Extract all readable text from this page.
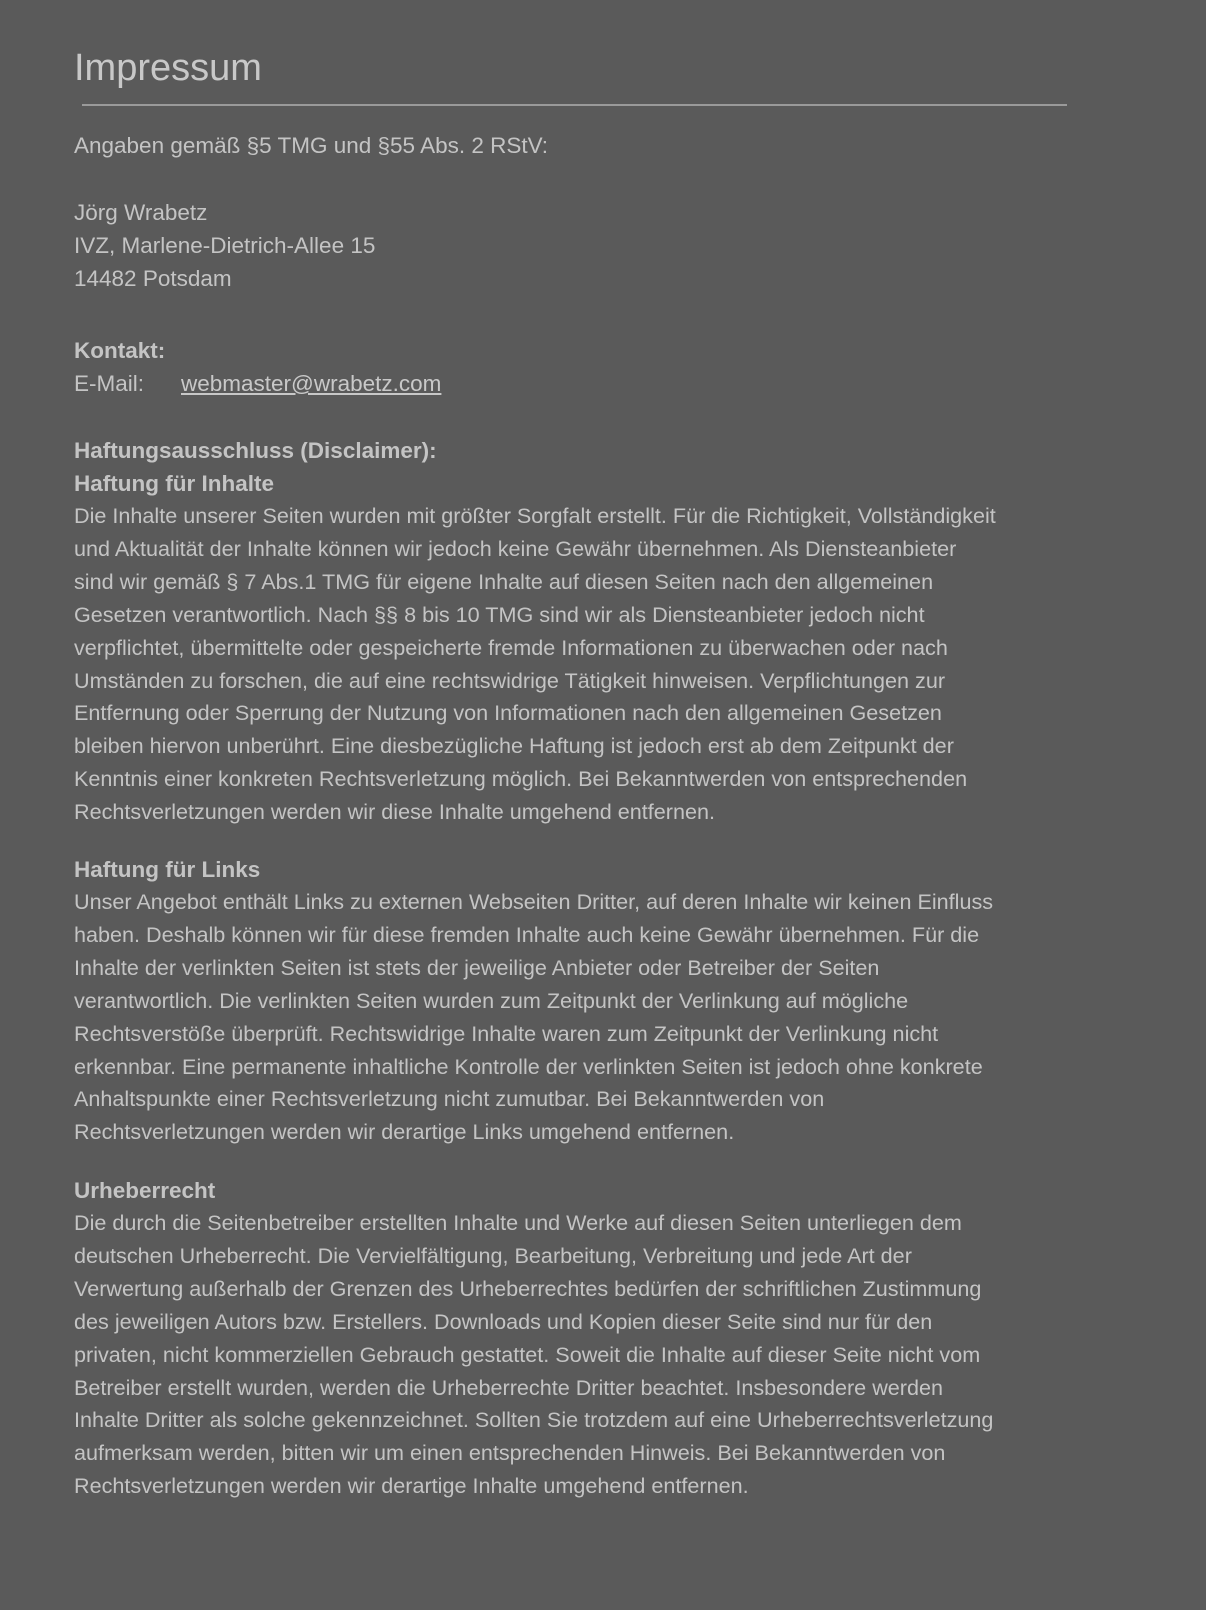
Impressum

Angaben gemäß §5 TMG und §55 Abs. 2 RStV:

Jörg Wrabetz

IVZ, Marlene-Dietrich-Allee 15

14482 Potsdam

Kontakt:

E-Mail: webmaster@wrabetz.com

Haftungsausschluss (Disclaimer):

Haftung für Inhalte

Die Inhalte unserer Seiten wurden mit größter Sorgfalt erstellt. Für die Richtigkeit, Vollständigkeit

und Aktualität der Inhalte können wir jedoch keine Gewähr übernehmen. Als Diensteanbieter

sind wir gemäß § 7 Abs.1 TMG für eigene Inhalte auf diesen Seiten nach den allgemeinen

Gesetzen verantwortlich. Nach §§ 8 bis 10 TMG sind wir als Diensteanbieter jedoch nicht

verpflichtet, übermittelte oder gespeicherte fremde Informationen zu überwachen oder nach

Umständen zu forschen, die auf eine rechtswidrige Tätigkeit hinweisen. Verpflichtungen zur

Entfernung oder Sperrung der Nutzung von Informationen nach den allgemeinen Gesetzen

bleiben hiervon unberührt. Eine diesbezügliche Haftung ist jedoch erst ab dem Zeitpunkt der

Kenntnis einer konkreten Rechtsverletzung möglich. Bei Bekanntwerden von entsprechenden

Rechtsverletzungen werden wir diese Inhalte umgehend entfernen.

Haftung für Links

Unser Angebot enthält Links zu externen Webseiten Dritter, auf deren Inhalte wir keinen Einfluss

haben. Deshalb können wir für diese fremden Inhalte auch keine Gewähr übernehmen. Für die

Inhalte der verlinkten Seiten ist stets der jeweilige Anbieter oder Betreiber der Seiten

verantwortlich. Die verlinkten Seiten wurden zum Zeitpunkt der Verlinkung auf mögliche

Rechtsverstöße überprüft. Rechtswidrige Inhalte waren zum Zeitpunkt der Verlinkung nicht

erkennbar. Eine permanente inhaltliche Kontrolle der verlinkten Seiten ist jedoch ohne konkrete

Anhaltspunkte einer Rechtsverletzung nicht zumutbar. Bei Bekanntwerden von

Rechtsverletzungen werden wir derartige Links umgehend entfernen.

Urheberrecht

Die durch die Seitenbetreiber erstellten Inhalte und Werke auf diesen Seiten unterliegen dem

deutschen Urheberrecht. Die Vervielfältigung, Bearbeitung, Verbreitung und jede Art der

Verwertung außerhalb der Grenzen des Urheberrechtes bedürfen der schriftlichen Zustimmung

des jeweiligen Autors bzw. Erstellers. Downloads und Kopien dieser Seite sind nur für den

privaten, nicht kommerziellen Gebrauch gestattet. Soweit die Inhalte auf dieser Seite nicht vom

Betreiber erstellt wurden, werden die Urheberrechte Dritter beachtet. Insbesondere werden

Inhalte Dritter als solche gekennzeichnet. Sollten Sie trotzdem auf eine Urheberrechtsverletzung

aufmerksam werden, bitten wir um einen entsprechenden Hinweis. Bei Bekanntwerden von

Rechtsverletzungen werden wir derartige Inhalte umgehend entfernen.
